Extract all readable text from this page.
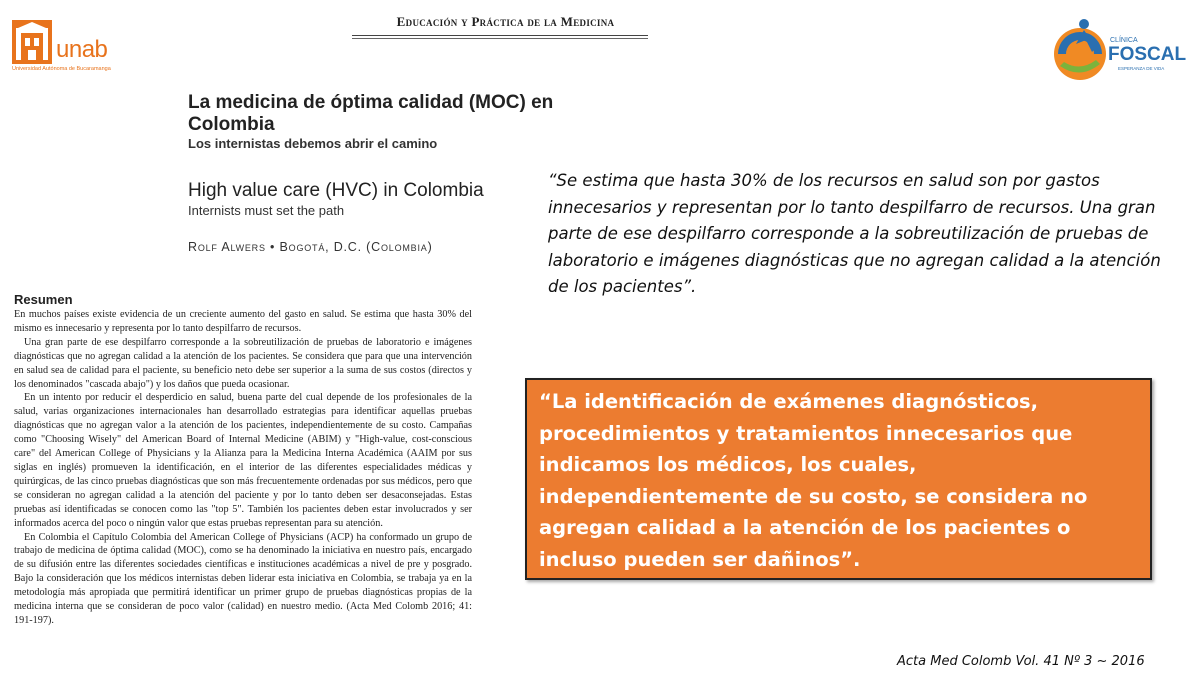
unab
Universidad Autónoma de Bucaramanga
Educación y Práctica de la Medicina
CLÍNICA
FOSCAL
ESPERANZA DE VIDA
La medicina de óptima calidad (MOC) en Colombia
Los internistas debemos abrir el camino
High value care (HVC) in Colombia
Internists must set the path
Rolf Alwers • Bogotá, D.C. (Colombia)
Resumen

En muchos países existe evidencia de un creciente aumento del gasto en salud. Se estima que hasta 30% del mismo es innecesario y representa por lo tanto despilfarro de recursos.

Una gran parte de ese despilfarro corresponde a la sobreutilización de pruebas de laboratorio e imágenes diagnósticas que no agregan calidad a la atención de los pacientes. Se considera que para que una intervención en salud sea de calidad para el paciente, su beneficio neto debe ser superior a la suma de sus costos (directos y los denominados "cascada abajo") y los daños que pueda ocasionar.

En un intento por reducir el desperdicio en salud, buena parte del cual depende de los profesionales de la salud, varias organizaciones internacionales han desarrollado estrategias para identificar aquellas pruebas diagnósticas que no agregan valor a la atención de los pacientes, independientemente de su costo. Campañas como "Choosing Wisely" del American Board of Internal Medicine (ABIM) y "High-value, cost-conscious care" del American College of Physicians y la Alianza para la Medicina Interna Académica (AAIM por sus siglas en inglés) promueven la identificación, en el interior de las diferentes especialidades médicas y quirúrgicas, de las cinco pruebas diagnósticas que son más frecuentemente ordenadas por sus médicos, pero que se consideran no agregan calidad a la atención del paciente y por lo tanto deben ser desaconsejadas. Estas pruebas así identificadas se conocen como las "top 5". También los pacientes deben estar involucrados y ser informados acerca del poco o ningún valor que estas pruebas representan para su atención.

En Colombia el Capítulo Colombia del American College of Physicians (ACP) ha conformado un grupo de trabajo de medicina de óptima calidad (MOC), como se ha denominado la iniciativa en nuestro país, encargado de su difusión entre las diferentes sociedades científicas e instituciones académicas a nivel de pre y posgrado. Bajo la consideración que los médicos internistas deben liderar esta iniciativa en Colombia, se trabaja ya en la metodología más apropiada que permitirá identificar un primer grupo de pruebas diagnósticas propias de la medicina interna que se consideran de poco valor (calidad) en nuestro medio. (Acta Med Colomb 2016; 41: 191-197).

“Se estima que hasta 30% de los recursos en salud son por gastos innecesarios y representan por lo tanto despilfarro de recursos. Una gran parte de ese despilfarro corresponde a la sobreutilización de pruebas de laboratorio e imágenes diagnósticas que no agregan calidad a la atención de los pacientes”.
“La identificación de exámenes diagnósticos, procedimientos y tratamientos innecesarios que indicamos los médicos, los cuales, independientemente de su costo, se considera no agregan calidad a la atención de los pacientes o incluso pueden ser dañinos”.
Acta Med Colomb Vol. 41 Nº 3 ~ 2016
